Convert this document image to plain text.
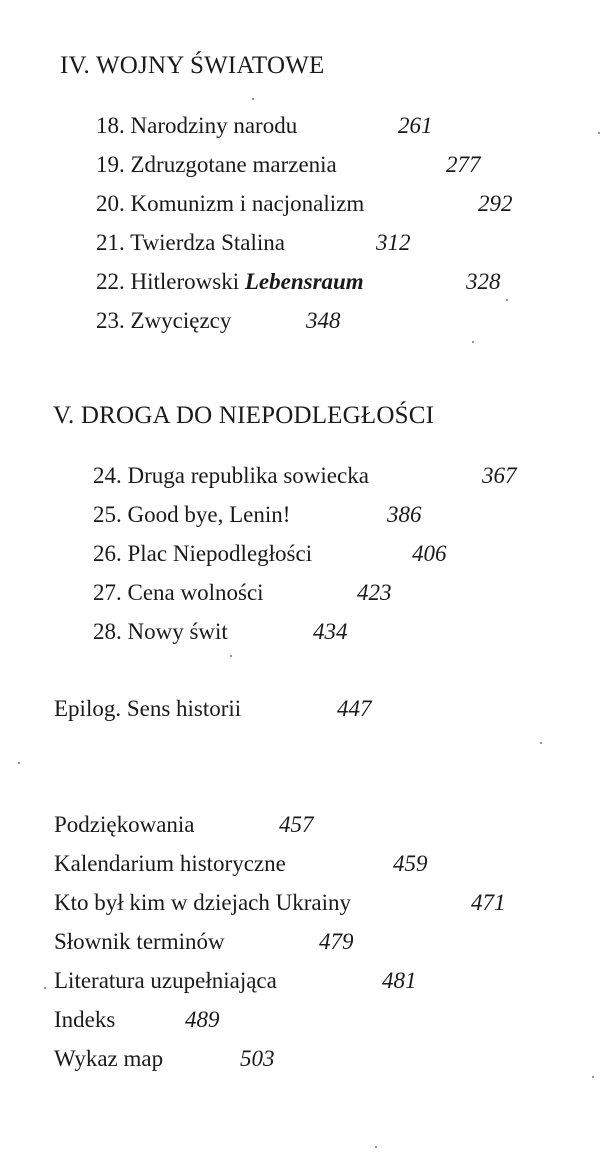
IV. WOJNY ŚWIATOWE
18. Narodziny narodu	261
19. Zdruzgotane marzenia	277
20. Komunizm i nacjonalizm	292
21. Twierdza Stalina	312
22. Hitlerowski Lebensraum	328
23. Zwycięzcy	348
V. DROGA DO NIEPODLEGŁOŚCI
24. Druga republika sowiecka	367
25. Good bye, Lenin!	386
26. Plac Niepodległości	406
27. Cena wolności	423
28. Nowy świt	434
Epilog. Sens historii	447
Podziękowania	457
Kalendarium historyczne	459
Kto był kim w dziejach Ukrainy	471
Słownik terminów	479
Literatura uzupełniająca	481
Indeks	489
Wykaz map	503
